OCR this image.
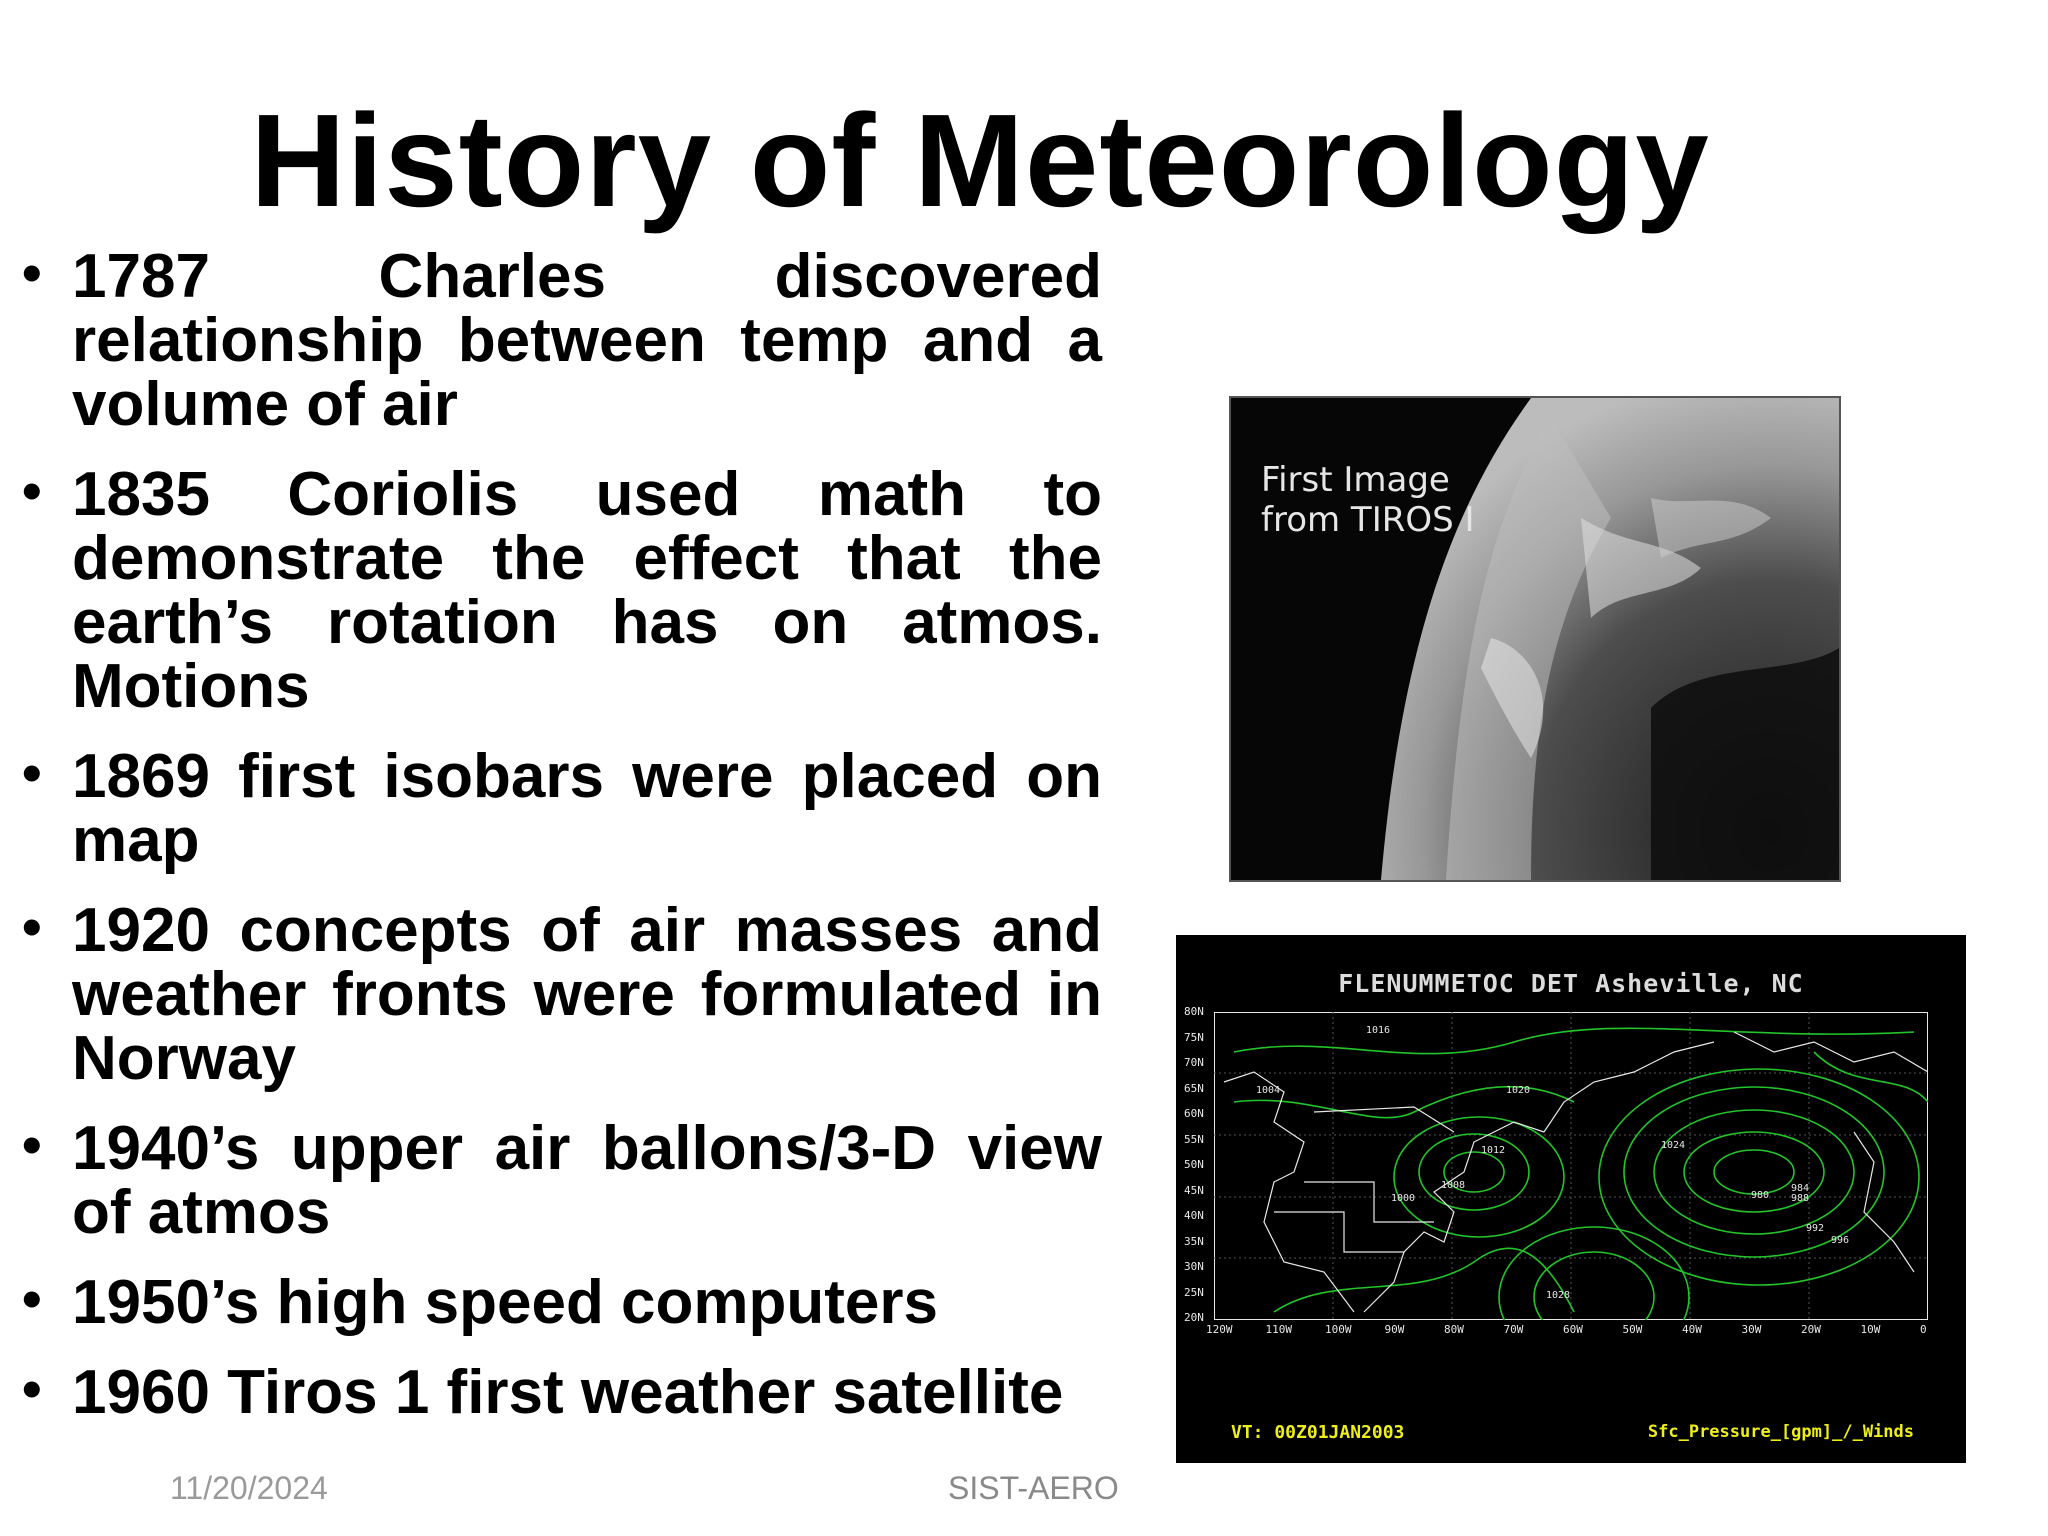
History of Meteorology
• 1787 Charles discovered relationship between temp and a volume of air
• 1835 Coriolis used math to demonstrate the effect that the earth’s rotation has on atmos. Motions
• 1869 first isobars were placed on map
• 1920 concepts of air masses and weather fronts were formulated in Norway
• 1940’s upper air ballons/3-D view of atmos
• 1950’s high speed computers
• 1960 Tiros 1 first weather satellite
First Image
from TIROS I
FLENUMMETOC DET Asheville, NC
80N
75N
70N
65N
60N
55N
50N
45N
40N
35N
30N
25N
20N
120W	110W	100W	90W	80W	70W	60W	50W	40W	30W	20W	10W	0
1004
1016
1020
1012
1008
1000
1024
1028
980
984
988
992
996
VT: 00Z01JAN2003	Sfc_Pressure_[gpm]_/_Winds
11/20/2024	SIST-AERO
